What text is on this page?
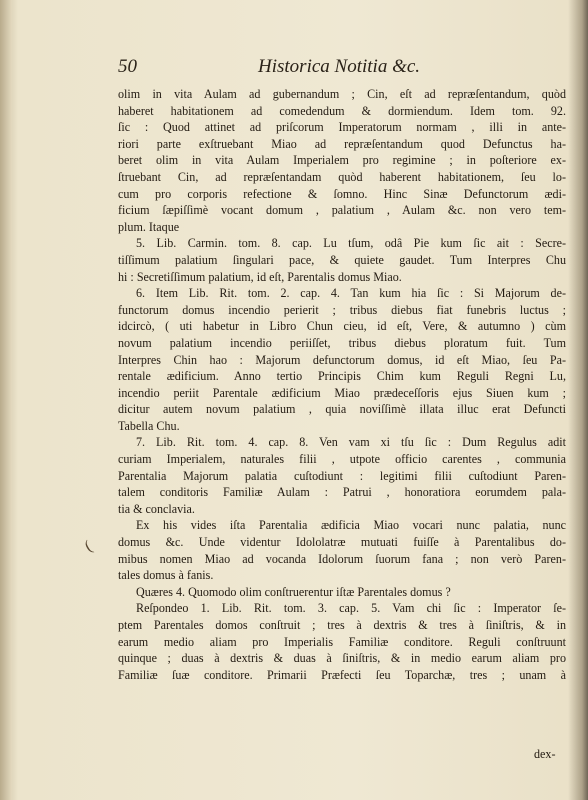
50	Historica Notitia &c.
olim in vita Aulam ad gubernandum ; Cin, eſt ad repræſentandum, quòd
haberet habitationem ad comedendum & dormiendum. Idem tom. 92.
ſic : Quod attinet ad priſcorum Imperatorum normam , illi in ante-
riori parte exſtruebant Miao ad repræſentandum quod Defunctus ha-
beret olim in vita Aulam Imperialem pro regimine ; in poſteriore ex-
ſtruebant Cin, ad repræſentandam quòd haberent habitationem, ſeu lo-
cum pro corporis refectione & ſomno. Hinc Sinæ Defunctorum ædi-
ficium ſæpiſſimè vocant domum , palatium , Aulam &c. non vero tem-
plum. Itaque
5. Lib. Carmin. tom. 8. cap. Lu tſum, odâ Pie kum ſic ait : Secre-
tiſſimum palatium ſingulari pace, & quiete gaudet. Tum Interpres Chu
hi : Secretiſſimum palatium, id eſt, Parentalis domus Miao.
6. Item Lib. Rit. tom. 2. cap. 4. Tan kum hia ſic : Si Majorum de-
functorum domus incendio perierit ; tribus diebus fiat funebris luctus ;
idcircò, ( uti habetur in Libro Chun cieu, id eſt, Vere, & autumno ) cùm
novum palatium incendio periiſſet, tribus diebus ploratum fuit. Tum
Interpres Chin hao : Majorum defunctorum domus, id eſt Miao, ſeu Pa-
rentale ædificium. Anno tertio Principis Chim kum Reguli Regni Lu,
incendio periit Parentale ædificium Miao prædeceſſoris ejus Siuen kum ;
dicitur autem novum palatium , quia noviſſimè illata illuc erat Defuncti
Tabella Chu.
7. Lib. Rit. tom. 4. cap. 8. Ven vam xi tſu ſic : Dum Regulus adit
curiam Imperialem, naturales filii , utpote officio carentes , communia
Parentalia Majorum palatia cuſtodiunt : legitimi filii cuſtodiunt Paren-
talem conditoris Familiæ Aulam : Patrui , honoratiora eorumdem pala-
tia & conclavia.
Ex his vides iſta Parentalia ædificia Miao vocari nunc palatia, nunc
domus &c. Unde videntur Idololatræ mutuati fuiſſe à Parentalibus do-
mibus nomen Miao ad vocanda Idolorum ſuorum fana ; non verò Paren-
tales domus à fanis.
Quæres 4. Quomodo olim conſtruerentur iſtæ Parentales domus ?
Reſpondeo 1. Lib. Rit. tom. 3. cap. 5. Vam chi ſic : Imperator ſe-
ptem Parentales domos conſtruit ; tres à dextris & tres à ſiniſtris, & in
earum medio aliam pro Imperialis Familiæ conditore. Reguli conſtruunt
quinque ; duas à dextris & duas à ſiniſtris, & in medio earum aliam pro
Familiæ ſuæ conditore. Primarii Præfecti ſeu Toparchæ, tres ; unam à
dex-
(
